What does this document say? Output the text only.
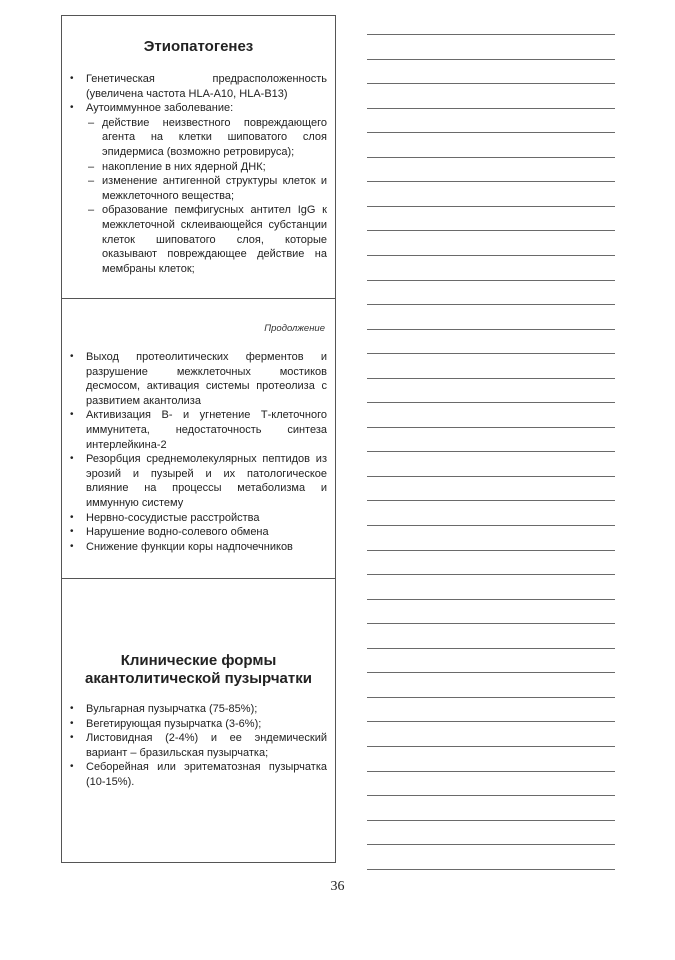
Этиопатогенез

• Генетическая предрасположенность (увеличена частота HLA-A10, HLA-B13)
• Аутоиммунное заболевание:
– действие неизвестного повреждающего агента на клетки шиповатого слоя эпидермиса (возможно ретровируса);
– накопление в них ядерной ДНК;
– изменение антигенной структуры клеток и межклеточного вещества;
– образование пемфигусных антител IgG к межклеточной склеивающейся субстанции клеток шиповатого слоя, которые оказывают повреждающее действие на мембраны клеток;
Продолжение
• Выход протеолитических ферментов и разрушение межклеточных мостиков десмосом, активация системы протеолиза с развитием акантолиза
• Активизация В- и угнетение Т-клеточного иммунитета, недостаточность синтеза интерлейкина-2
• Резорбция среднемолекулярных пептидов из эрозий и пузырей и их патологическое влияние на процессы метаболизма и иммунную систему
• Нервно-сосудистые расстройства
• Нарушение водно-солевого обмена
• Снижение функции коры надпочечников

Клинические формы

акантолитической пузырчатки

• Вульгарная пузырчатка (75-85%);
• Вегетирующая пузырчатка (3-6%);
• Листовидная (2-4%) и ее эндемический вариант – бразильская пузырчатка;
• Себорейная или эритематозная пузырчатка (10-15%).
36
